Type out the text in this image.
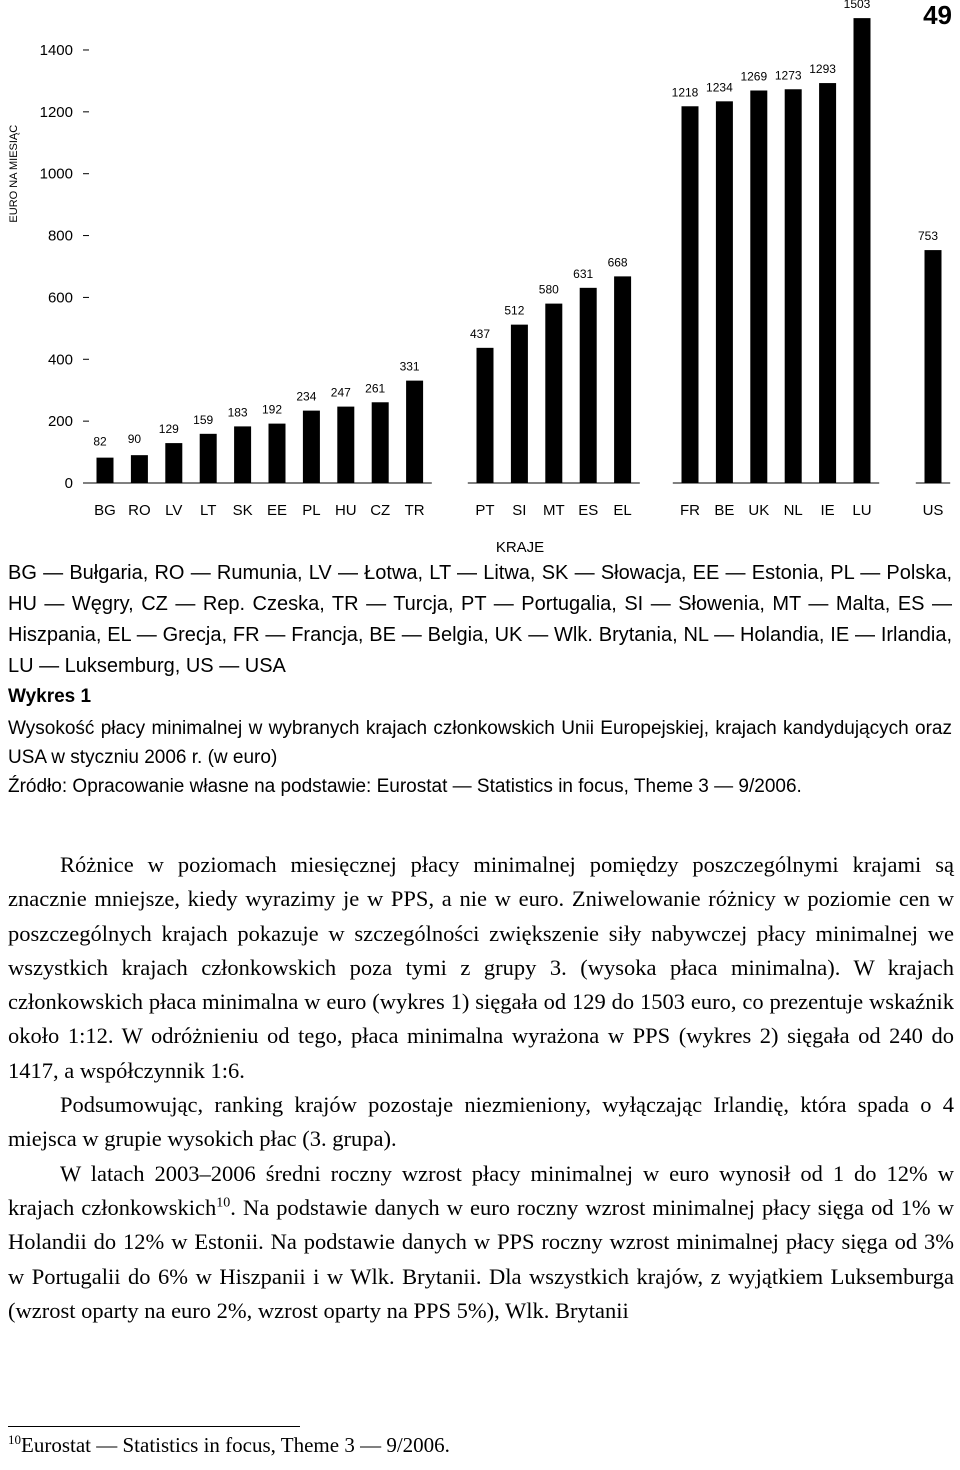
49
0
200
400
600
800
1000
1200
1400
EURO NA MIESIĄC
82
BG
90
RO
129
LV
159
LT
183
SK
192
EE
234
PL
247
HU
261
CZ
331
TR
437
PT
512
SI
580
MT
631
ES
668
EL
1218
FR
1234
BE
1269
UK
1273
NL
1293
IE
1503
LU
753
US
KRAJE

BG — Bułgaria, RO — Rumunia, LV — Łotwa, LT — Litwa, SK — Słowacja, EE — Estonia, PL — Polska, HU — Węgry, CZ — Rep. Czeska, TR — Turcja, PT — Portugalia, SI — Słowenia, MT — Malta, ES — Hiszpania, EL — Grecja, FR — Francja, BE — Belgia, UK — Wlk. Brytania, NL — Holandia, IE — Irlandia, LU — Luksemburg, US — USA

Wykres 1

Wysokość płacy minimalnej w wybranych krajach członkowskich Unii Europejskiej, krajach kandydujących oraz USA w styczniu 2006 r. (w euro)
Źródło: Opracowanie własne na podstawie: Eurostat — Statistics in focus, Theme 3 — 9/2006.

Różnice w poziomach miesięcznej płacy minimalnej pomiędzy poszczególnymi krajami są znacznie mniejsze, kiedy wyrazimy je w PPS, a nie w euro. Zniwelowanie różnicy w poziomie cen w poszczególnych krajach pokazuje w szczególności zwiększenie siły nabywczej płacy minimalnej we wszystkich krajach członkowskich poza tymi z grupy 3. (wysoka płaca minimalna). W krajach członkowskich płaca minimalna w euro (wykres 1) sięgała od 129 do 1503 euro, co prezentuje wskaźnik około 1:12. W odróżnieniu od tego, płaca minimalna wyrażona w PPS (wykres 2) sięgała od 240 do 1417, a współczynnik 1:6.

Podsumowując, ranking krajów pozostaje niezmieniony, wyłączając Irlandię, która spada o 4 miejsca w grupie wysokich płac (3. grupa).

W latach 2003–2006 średni roczny wzrost płacy minimalnej w euro wynosił od 1 do 12% w krajach członkowskich$^{10}$. Na podstawie danych w euro roczny wzrost minimalnej płacy sięga od 1% w Holandii do 12% w Estonii. Na podstawie danych w PPS roczny wzrost minimalnej płacy sięga od 3% w Portugalii do 6% w Hiszpanii i w Wlk. Brytanii. Dla wszystkich krajów, z wyjątkiem Luksemburga (wzrost oparty na euro 2%, wzrost oparty na PPS 5%), Wlk. Brytanii

$^{10}$Eurostat — Statistics in focus, Theme 3 — 9/2006.
